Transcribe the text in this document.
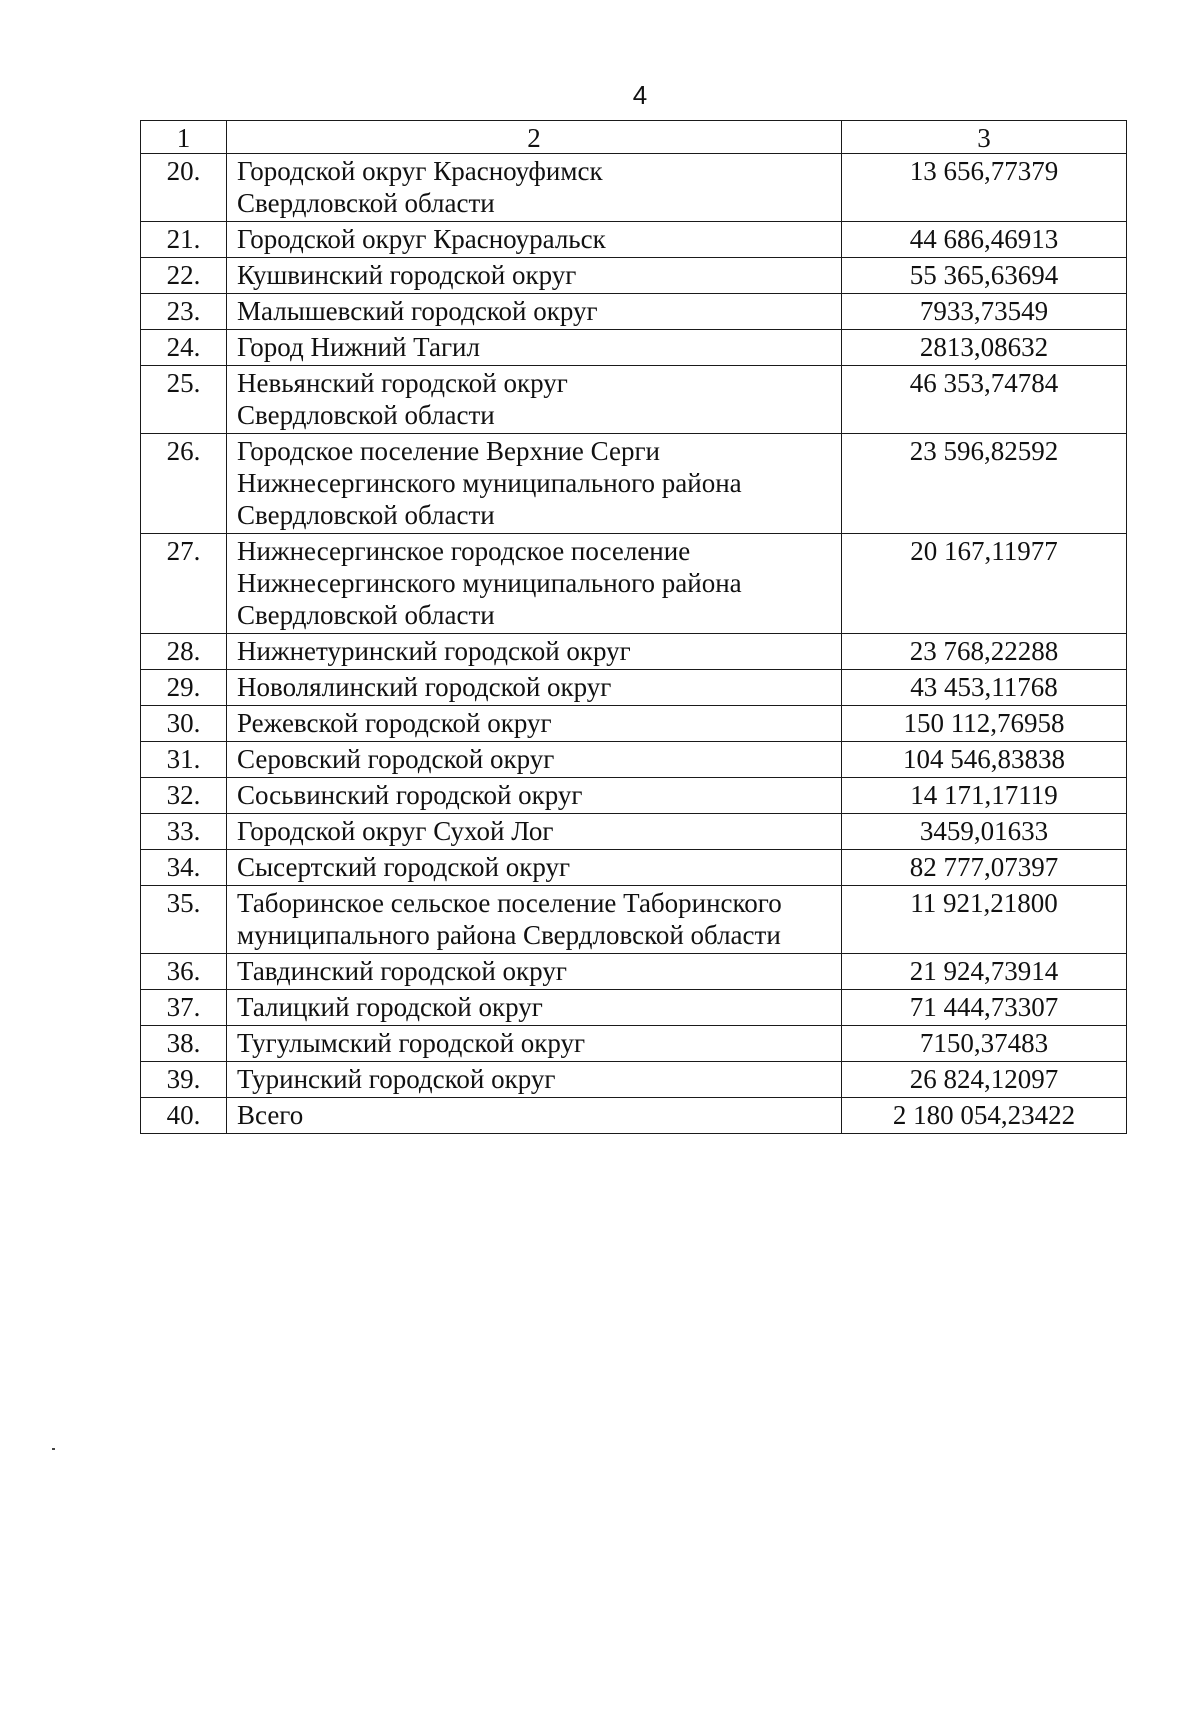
4
1	2	3
20.	Городской округ Красноуфимск
Свердловской области	13 656,77379
21.	Городской округ Красноуральск	44 686,46913
22.	Кушвинский городской округ	55 365,63694
23.	Малышевский городской округ	7933,73549
24.	Город Нижний Тагил	2813,08632
25.	Невьянский городской округ
Свердловской области	46 353,74784
26.	Городское поселение Верхние Серги
Нижнесергинского муниципального района
Свердловской области	23 596,82592
27.	Нижнесергинское городское поселение
Нижнесергинского муниципального района
Свердловской области	20 167,11977
28.	Нижнетуринский городской округ	23 768,22288
29.	Новолялинский городской округ	43 453,11768
30.	Режевской городской округ	150 112,76958
31.	Серовский городской округ	104 546,83838
32.	Сосьвинский городской округ	14 171,17119
33.	Городской округ Сухой Лог	3459,01633
34.	Сысертский городской округ	82 777,07397
35.	Таборинское сельское поселение Таборинского
муниципального района Свердловской области	11 921,21800
36.	Тавдинский городской округ	21 924,73914
37.	Талицкий городской округ	71 444,73307
38.	Тугулымский городской округ	7150,37483
39.	Туринский городской округ	26 824,12097
40.	Всего	2 180 054,23422
